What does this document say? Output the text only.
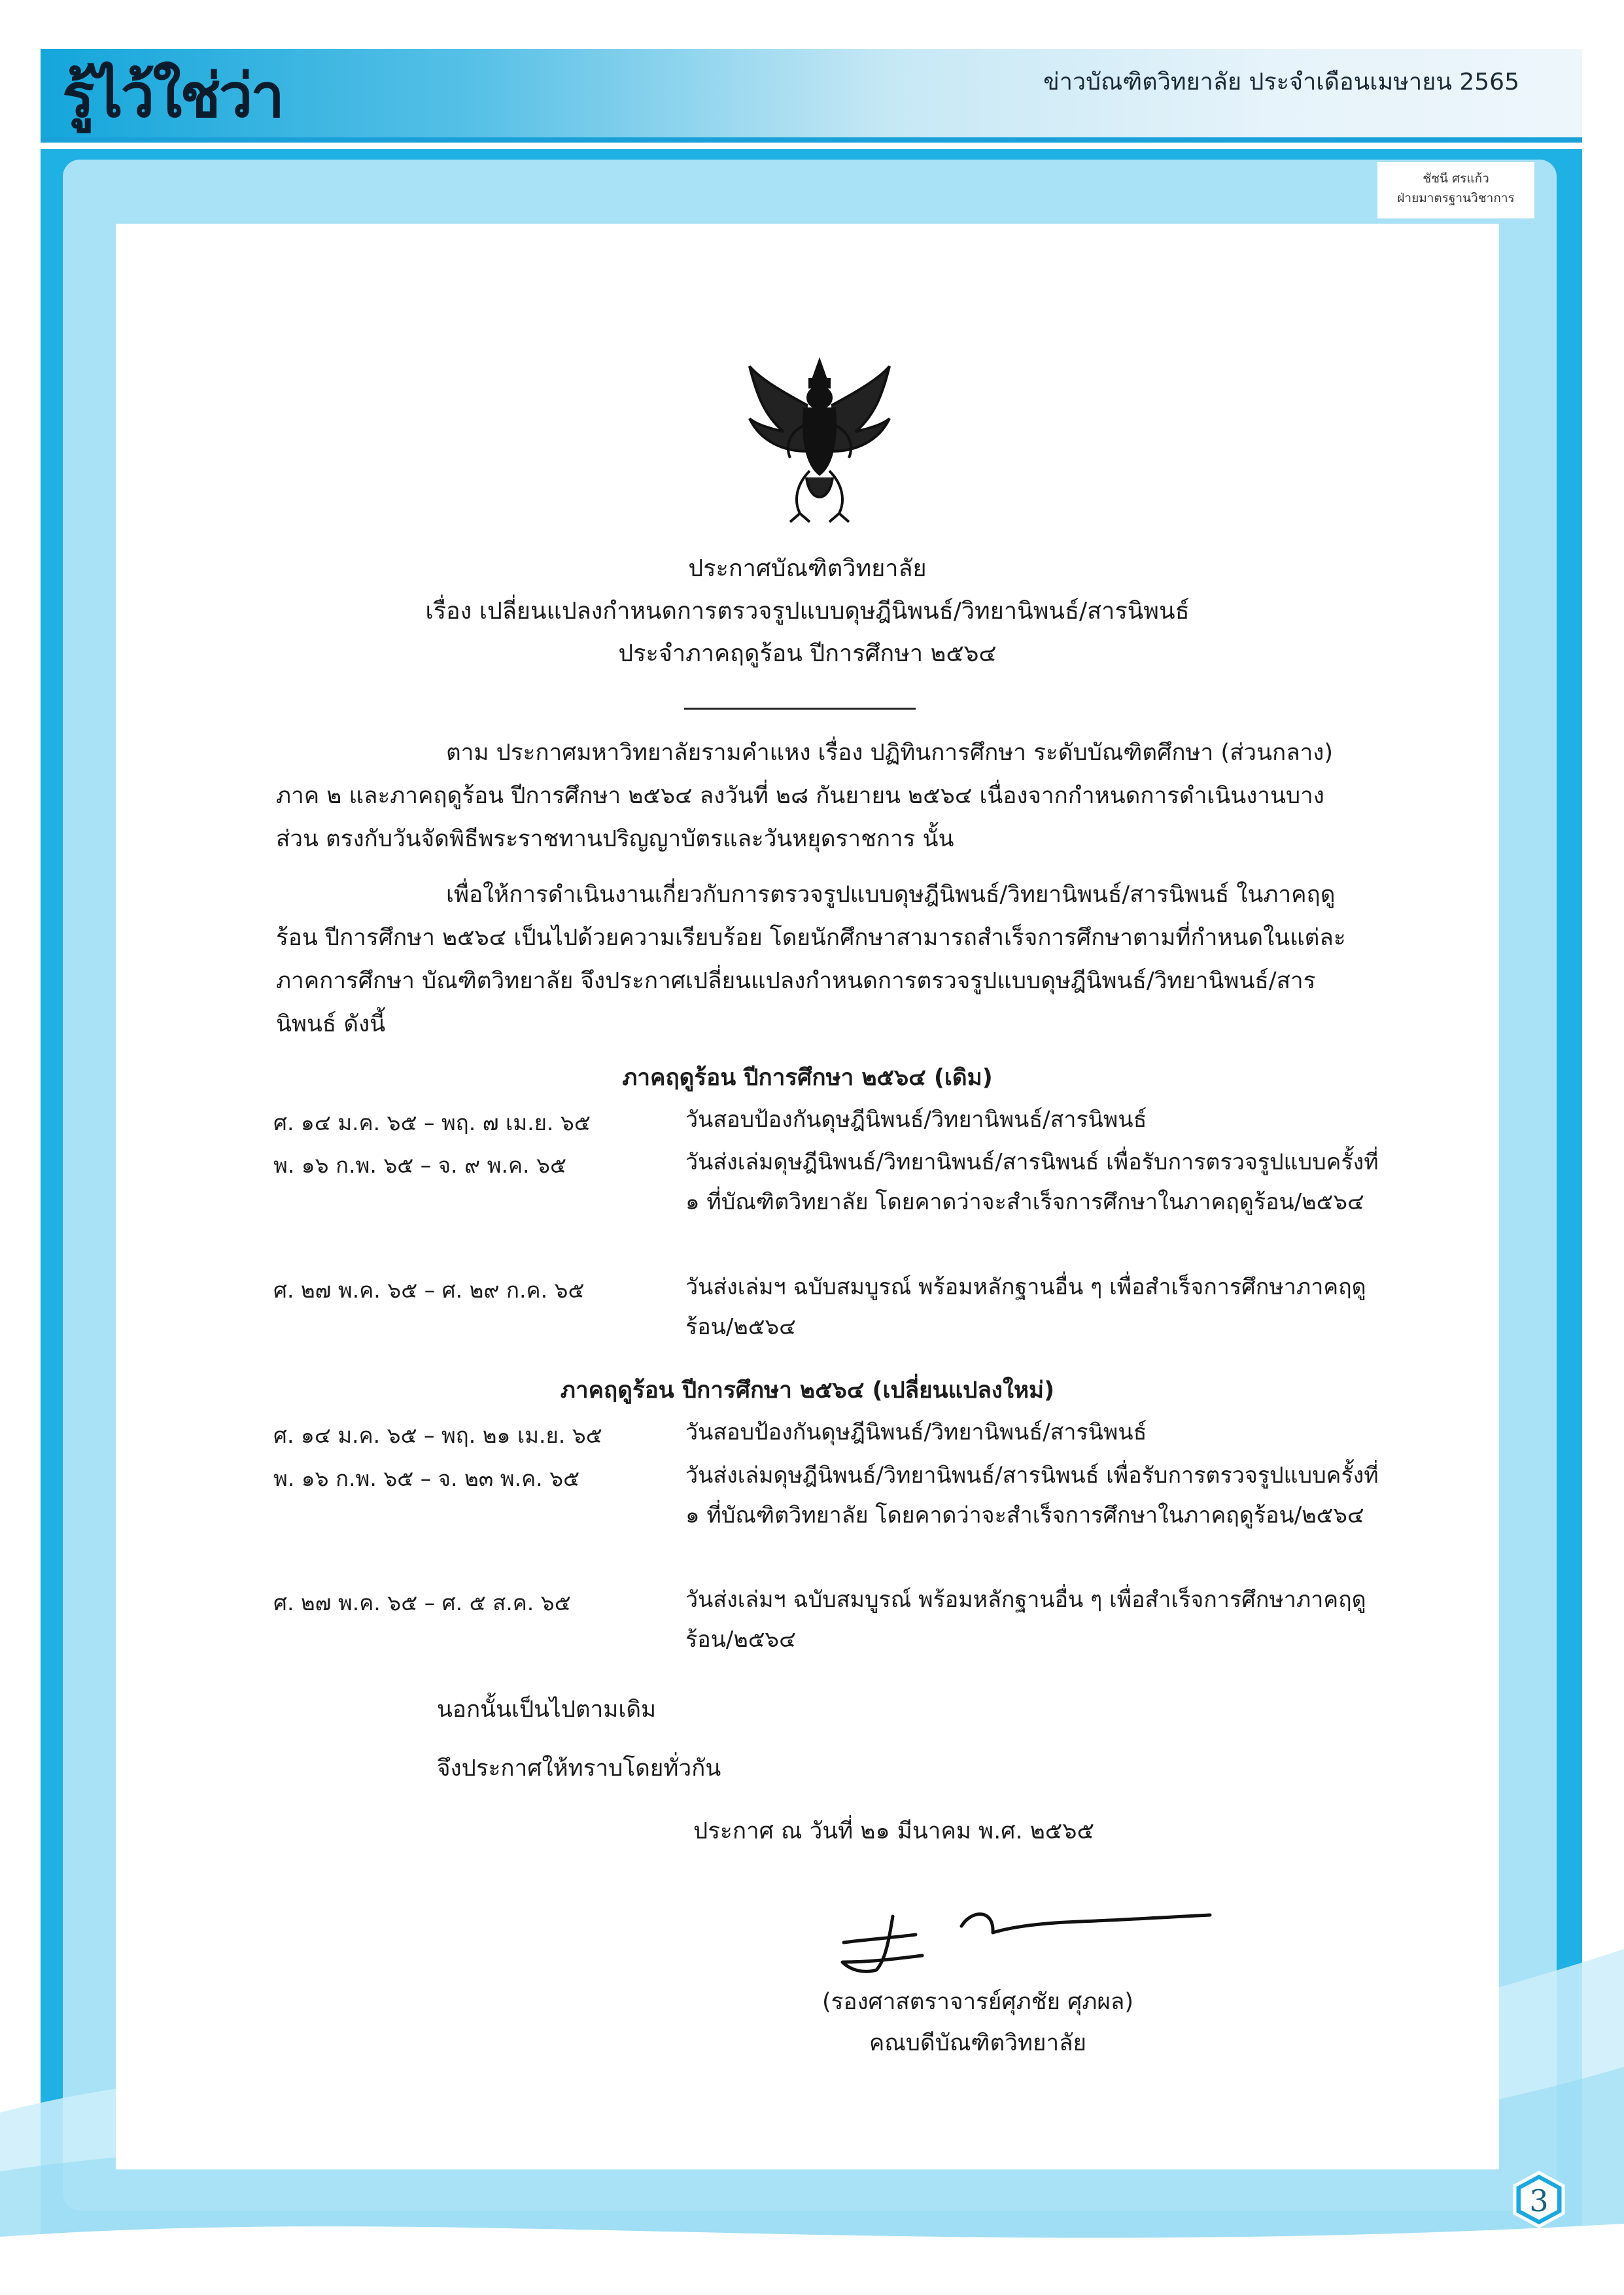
รู้ไว้ใช่ว่า	ข่าวบัณฑิตวิทยาลัย ประจำเดือนเมษายน 2565
ชัชนี ศรแก้ว
ฝ่ายมาตรฐานวิชาการ
ประกาศบัณฑิตวิทยาลัย
เรื่อง เปลี่ยนแปลงกำหนดการตรวจรูปแบบดุษฎีนิพนธ์/วิทยานิพนธ์/สารนิพนธ์
ประจำภาคฤดูร้อน ปีการศึกษา ๒๕๖๔
ตาม ประกาศมหาวิทยาลัยรามคำแหง เรื่อง ปฏิทินการศึกษา ระดับบัณฑิตศึกษา (ส่วนกลาง) ภาค ๒ และภาคฤดูร้อน ปีการศึกษา ๒๕๖๔ ลงวันที่ ๒๘ กันยายน ๒๕๖๔ เนื่องจากกำหนดการดำเนินงานบางส่วน ตรงกับวันจัดพิธีพระราชทานปริญญาบัตรและวันหยุดราชการ นั้น
เพื่อให้การดำเนินงานเกี่ยวกับการตรวจรูปแบบดุษฎีนิพนธ์/วิทยานิพนธ์/สารนิพนธ์ ในภาคฤดูร้อน ปีการศึกษา ๒๕๖๔ เป็นไปด้วยความเรียบร้อย โดยนักศึกษาสามารถสำเร็จการศึกษาตามที่กำหนดในแต่ละภาคการศึกษา บัณฑิตวิทยาลัย จึงประกาศเปลี่ยนแปลงกำหนดการตรวจรูปแบบดุษฎีนิพนธ์/วิทยานิพนธ์/สารนิพนธ์ ดังนี้
ภาคฤดูร้อน ปีการศึกษา ๒๕๖๔ (เดิม)
ศ. ๑๔ ม.ค. ๖๕ – พฤ. ๗ เม.ย. ๖๕	วันสอบป้องกันดุษฎีนิพนธ์/วิทยานิพนธ์/สารนิพนธ์
พ. ๑๖ ก.พ. ๖๕ – จ. ๙ พ.ค. ๖๕	วันส่งเล่มดุษฎีนิพนธ์/วิทยานิพนธ์/สารนิพนธ์ เพื่อรับการตรวจรูปแบบครั้งที่ ๑ ที่บัณฑิตวิทยาลัย โดยคาดว่าจะสำเร็จการศึกษาในภาคฤดูร้อน/๒๕๖๔
ศ. ๒๗ พ.ค. ๖๕ – ศ. ๒๙ ก.ค. ๖๕	วันส่งเล่มฯ ฉบับสมบูรณ์ พร้อมหลักฐานอื่น ๆ เพื่อสำเร็จการศึกษาภาคฤดูร้อน/๒๕๖๔
ภาคฤดูร้อน ปีการศึกษา ๒๕๖๔ (เปลี่ยนแปลงใหม่)
ศ. ๑๔ ม.ค. ๖๕ – พฤ. ๒๑ เม.ย. ๖๕	วันสอบป้องกันดุษฎีนิพนธ์/วิทยานิพนธ์/สารนิพนธ์
พ. ๑๖ ก.พ. ๖๕ – จ. ๒๓ พ.ค. ๖๕	วันส่งเล่มดุษฎีนิพนธ์/วิทยานิพนธ์/สารนิพนธ์ เพื่อรับการตรวจรูปแบบครั้งที่ ๑ ที่บัณฑิตวิทยาลัย โดยคาดว่าจะสำเร็จการศึกษาในภาคฤดูร้อน/๒๕๖๔
ศ. ๒๗ พ.ค. ๖๕ – ศ. ๕ ส.ค. ๖๕	วันส่งเล่มฯ ฉบับสมบูรณ์ พร้อมหลักฐานอื่น ๆ เพื่อสำเร็จการศึกษาภาคฤดูร้อน/๒๕๖๔
นอกนั้นเป็นไปตามเดิม
จึงประกาศให้ทราบโดยทั่วกัน
ประกาศ ณ วันที่ ๒๑ มีนาคม พ.ศ. ๒๕๖๕
(รองศาสตราจารย์ศุภชัย ศุภผล)
คณบดีบัณฑิตวิทยาลัย
3
